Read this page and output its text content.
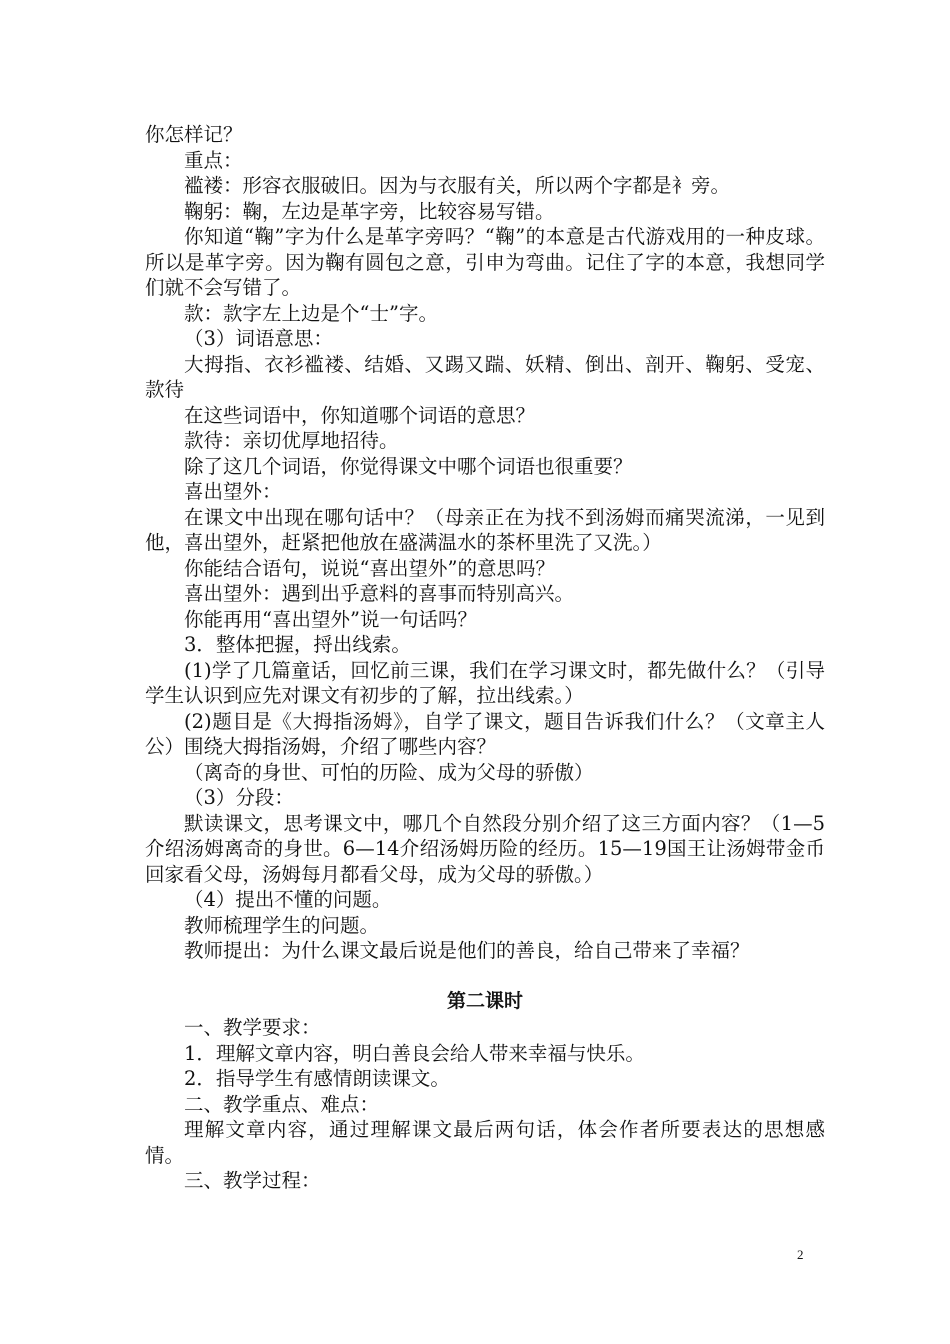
你怎样记？

重点：

褴褛：形容衣服破旧。因为与衣服有关，所以两个字都是衤旁。

鞠躬：鞠，左边是革字旁，比较容易写错。

你知道“鞠”字为什么是革字旁吗？“鞠”的本意是古代游戏用的一种皮球。所以是革字旁。因为鞠有圆包之意，引申为弯曲。记住了字的本意，我想同学们就不会写错了。

款：款字左上边是个“士”字。

（3）词语意思：

大拇指、衣衫褴褛、结婚、又踢又踹、妖精、倒出、剖开、鞠躬、受宠、款待

在这些词语中，你知道哪个词语的意思？

款待：亲切优厚地招待。

除了这几个词语，你觉得课文中哪个词语也很重要？

喜出望外：

在课文中出现在哪句话中？（母亲正在为找不到汤姆而痛哭流涕，一见到他，喜出望外，赶紧把他放在盛满温水的茶杯里洗了又洗。）

你能结合语句，说说“喜出望外”的意思吗？

喜出望外：遇到出乎意料的喜事而特别高兴。

你能再用“喜出望外”说一句话吗？

3．整体把握，捋出线索。

(1)学了几篇童话，回忆前三课，我们在学习课文时，都先做什么？（引导学生认识到应先对课文有初步的了解，拉出线索。）

(2)题目是《大拇指汤姆》，自学了课文，题目告诉我们什么？（文章主人公）围绕大拇指汤姆，介绍了哪些内容？

（离奇的身世、可怕的历险、成为父母的骄傲）

（3）分段：

默读课文，思考课文中，哪几个自然段分别介绍了这三方面内容？（1—5介绍汤姆离奇的身世。6—14介绍汤姆历险的经历。15—19国王让汤姆带金币回家看父母，汤姆每月都看父母，成为父母的骄傲。）

（4）提出不懂的问题。

教师梳理学生的问题。

教师提出：为什么课文最后说是他们的善良，给自己带来了幸福？

第二课时

一、教学要求：

1．理解文章内容，明白善良会给人带来幸福与快乐。

2．指导学生有感情朗读课文。

二、教学重点、难点：

理解文章内容，通过理解课文最后两句话，体会作者所要表达的思想感情。

三、教学过程：

2
